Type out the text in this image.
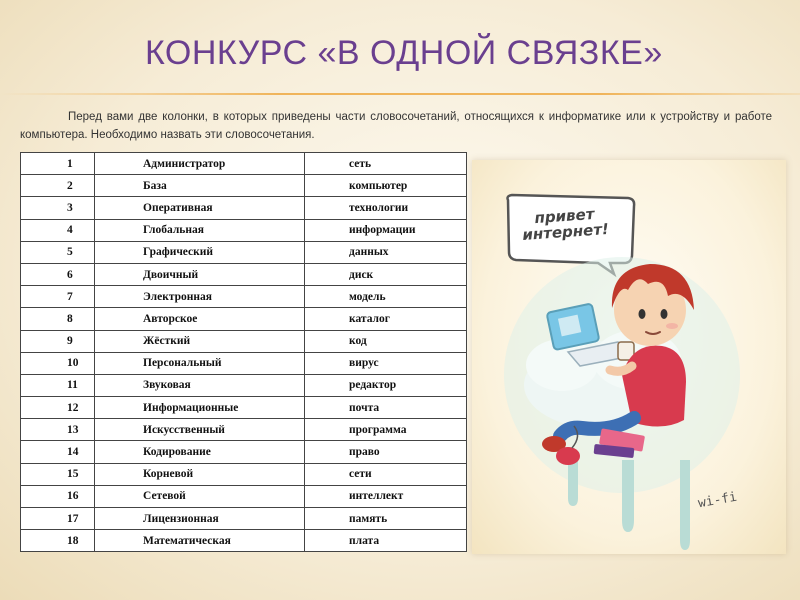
КОНКУРС «В ОДНОЙ СВЯЗКЕ»
Перед вами две колонки, в которых приведены части словосочетаний, относящихся к информатике или к устройству и работе компьютера. Необходимо назвать эти словосочетания.
1	Администратор	сеть
2	База	компьютер
3	Оперативная	технологии
4	Глобальная	информации
5	Графический	данных
6	Двоичный	диск
7	Электронная	модель
8	Авторское	каталог
9	Жёсткий	код
10	Персональный	вирус
11	Звуковая	редактор
12	Информационные	почта
13	Искусственный	программа
14	Кодирование	право
15	Корневой	сети
16	Сетевой	интеллект
17	Лицензионная	память
18	Математическая	плата
привет интернет!
wi-fi
